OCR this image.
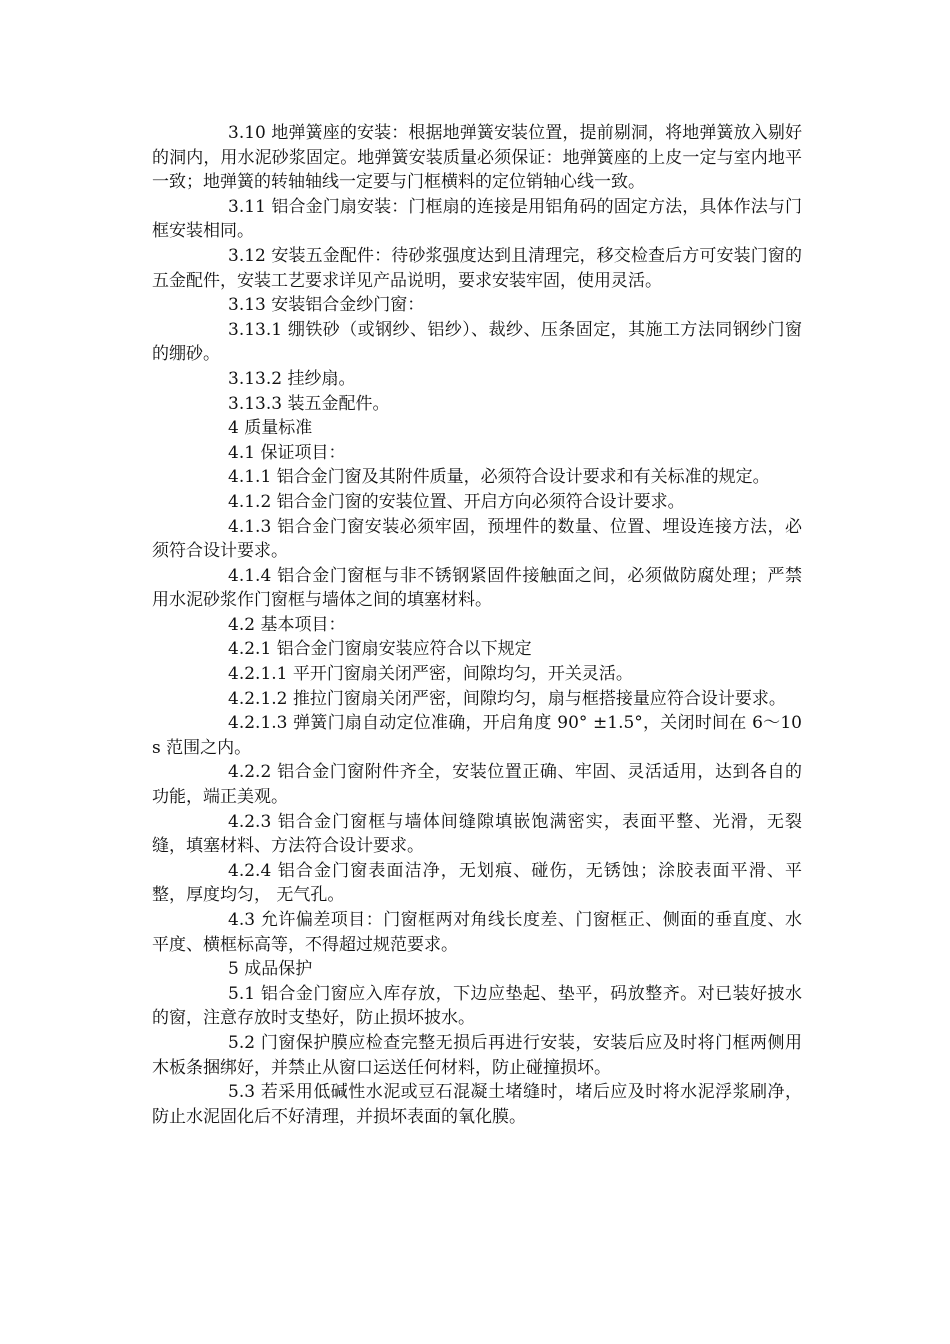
3.10 地弹簧座的安装：根据地弹簧安装位置，提前剔洞，将地弹簧放入剔好的洞内，用水泥砂浆固定。地弹簧安装质量必须保证：地弹簧座的上皮一定与室内地平一致；地弹簧的转轴轴线一定要与门框横料的定位销轴心线一致。

3.11 铝合金门扇安装：门框扇的连接是用铝角码的固定方法，具体作法与门框安装相同。

3.12 安装五金配件：待砂浆强度达到且清理完，移交检查后方可安装门窗的五金配件，安装工艺要求详见产品说明，要求安装牢固，使用灵活。

3.13 安装铝合金纱门窗：

3.13.1 绷铁砂（或钢纱、铝纱）、裁纱、压条固定，其施工方法同钢纱门窗的绷砂。

3.13.2 挂纱扇。

3.13.3 装五金配件。

4 质量标准

4.1 保证项目：

4.1.1 铝合金门窗及其附件质量，必须符合设计要求和有关标准的规定。

4.1.2 铝合金门窗的安装位置、开启方向必须符合设计要求。

4.1.3 铝合金门窗安装必须牢固，预埋件的数量、位置、埋设连接方法，必须符合设计要求。

4.1.4 铝合金门窗框与非不锈钢紧固件接触面之间，必须做防腐处理；严禁用水泥砂浆作门窗框与墙体之间的填塞材料。

4.2 基本项目：

4.2.1 铝合金门窗扇安装应符合以下规定

4.2.1.1 平开门窗扇关闭严密，间隙均匀，开关灵活。

4.2.1.2 推拉门窗扇关闭严密，间隙均匀，扇与框搭接量应符合设计要求。

4.2.1.3 弹簧门扇自动定位准确，开启角度 90° ±1.5°，关闭时间在 6～10s 范围之内。

4.2.2 铝合金门窗附件齐全，安装位置正确、牢固、灵活适用，达到各自的功能，端正美观。

4.2.3 铝合金门窗框与墙体间缝隙填嵌饱满密实，表面平整、光滑，无裂缝，填塞材料、方法符合设计要求。

4.2.4 铝合金门窗表面洁净，无划痕、碰伤，无锈蚀；涂胶表面平滑、平整，厚度均匀， 无气孔。

4.3 允许偏差项目：门窗框两对角线长度差、门窗框正、侧面的垂直度、水平度、横框标高等，不得超过规范要求。

5 成品保护

5.1 铝合金门窗应入库存放，下边应垫起、垫平，码放整齐。对已装好披水的窗，注意存放时支垫好，防止损坏披水。

5.2 门窗保护膜应检查完整无损后再进行安装，安装后应及时将门框两侧用木板条捆绑好，并禁止从窗口运送任何材料，防止碰撞损坏。

5.3 若采用低碱性水泥或豆石混凝土堵缝时，堵后应及时将水泥浮浆刷净，防止水泥固化后不好清理，并损坏表面的氧化膜。
